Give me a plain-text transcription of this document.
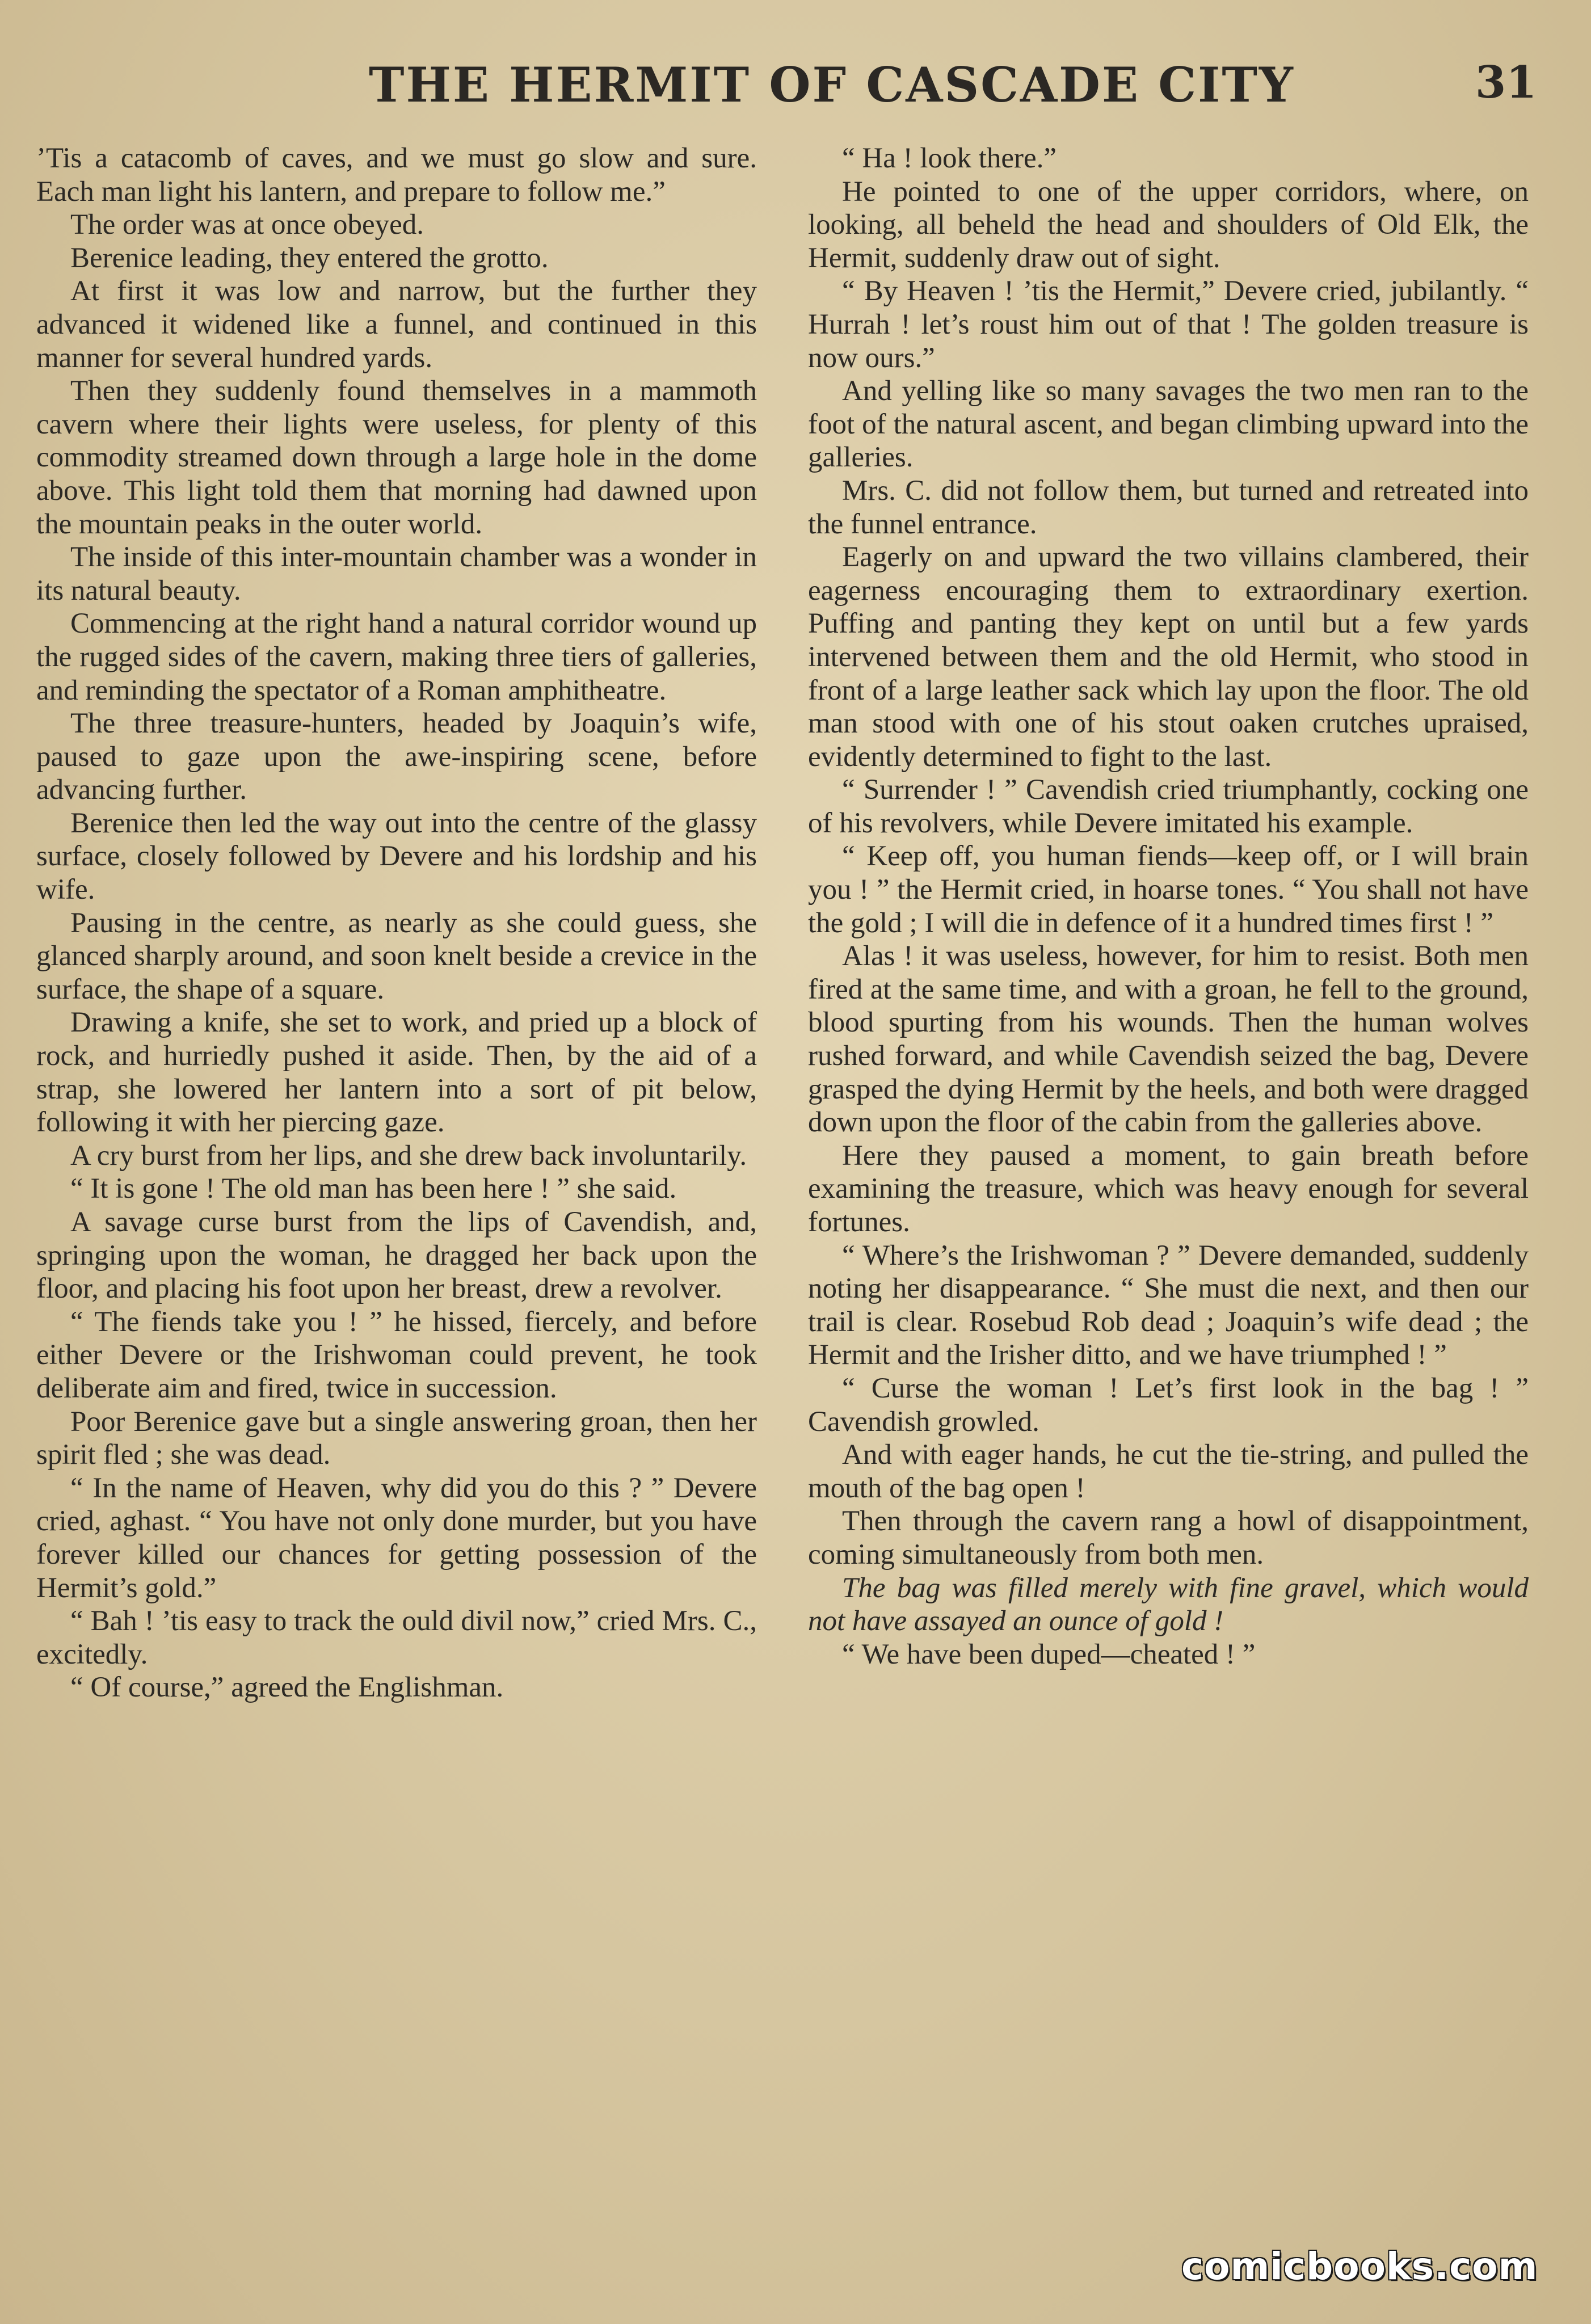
THE HERMIT OF CASCADE CITY	31

’Tis a catacomb of caves, and we must go slow and sure. Each man light his lantern, and prepare to follow me.”

The order was at once obeyed.

Berenice leading, they entered the grotto.

At first it was low and narrow, but the further they advanced it widened like a funnel, and continued in this manner for several hundred yards.

Then they suddenly found themselves in a mammoth cavern where their lights were useless, for plenty of this commodity streamed down through a large hole in the dome above. This light told them that morning had dawned upon the mountain peaks in the outer world.

The inside of this inter-mountain chamber was a wonder in its natural beauty.

Commencing at the right hand a natural corridor wound up the rugged sides of the cavern, making three tiers of galleries, and reminding the spectator of a Roman amphitheatre.

The three treasure-hunters, headed by Joaquin’s wife, paused to gaze upon the awe-inspiring scene, before advancing further.

Berenice then led the way out into the centre of the glassy surface, closely followed by Devere and his lordship and his wife.

Pausing in the centre, as nearly as she could guess, she glanced sharply around, and soon knelt beside a crevice in the surface, the shape of a square.

Drawing a knife, she set to work, and pried up a block of rock, and hurriedly pushed it aside. Then, by the aid of a strap, she lowered her lantern into a sort of pit below, following it with her piercing gaze.

A cry burst from her lips, and she drew back involuntarily.

“ It is gone ! The old man has been here ! ” she said.

A savage curse burst from the lips of Cavendish, and, springing upon the woman, he dragged her back upon the floor, and placing his foot upon her breast, drew a revolver.

“ The fiends take you ! ” he hissed, fiercely, and before either Devere or the Irishwoman could prevent, he took deliberate aim and fired, twice in succession.

Poor Berenice gave but a single answering groan, then her spirit fled ; she was dead.

“ In the name of Heaven, why did you do this ? ” Devere cried, aghast. “ You have not only done murder, but you have forever killed our chances for getting possession of the Hermit’s gold.”

“ Bah ! ’tis easy to track the ould divil now,” cried Mrs. C., excitedly.

“ Of course,” agreed the Englishman.

“ Ha ! look there.”

He pointed to one of the upper corridors, where, on looking, all beheld the head and shoulders of Old Elk, the Hermit, suddenly draw out of sight.

“ By Heaven ! ’tis the Hermit,” Devere cried, jubilantly. “ Hurrah ! let’s roust him out of that ! The golden treasure is now ours.”

And yelling like so many savages the two men ran to the foot of the natural ascent, and began climbing upward into the galleries.

Mrs. C. did not follow them, but turned and retreated into the funnel entrance.

Eagerly on and upward the two villains clambered, their eagerness encouraging them to extraordinary exertion. Puffing and panting they kept on until but a few yards intervened between them and the old Hermit, who stood in front of a large leather sack which lay upon the floor. The old man stood with one of his stout oaken crutches upraised, evidently determined to fight to the last.

“ Surrender ! ” Cavendish cried triumphantly, cocking one of his revolvers, while Devere imitated his example.

“ Keep off, you human fiends—keep off, or I will brain you ! ” the Hermit cried, in hoarse tones. “ You shall not have the gold ; I will die in defence of it a hundred times first ! ”

Alas ! it was useless, however, for him to resist. Both men fired at the same time, and with a groan, he fell to the ground, blood spurting from his wounds. Then the human wolves rushed forward, and while Cavendish seized the bag, Devere grasped the dying Hermit by the heels, and both were dragged down upon the floor of the cabin from the galleries above.

Here they paused a moment, to gain breath before examining the treasure, which was heavy enough for several fortunes.

“ Where’s the Irishwoman ? ” Devere demanded, suddenly noting her disappearance. “ She must die next, and then our trail is clear. Rosebud Rob dead ; Joaquin’s wife dead ; the Hermit and the Irisher ditto, and we have triumphed ! ”

“ Curse the woman ! Let’s first look in the bag ! ” Cavendish growled.

And with eager hands, he cut the tie-string, and pulled the mouth of the bag open !

Then through the cavern rang a howl of disappointment, coming simultaneously from both men.

The bag was filled merely with fine gravel, which would not have assayed an ounce of gold !

“ We have been duped—cheated ! ”

comicbooks.com
